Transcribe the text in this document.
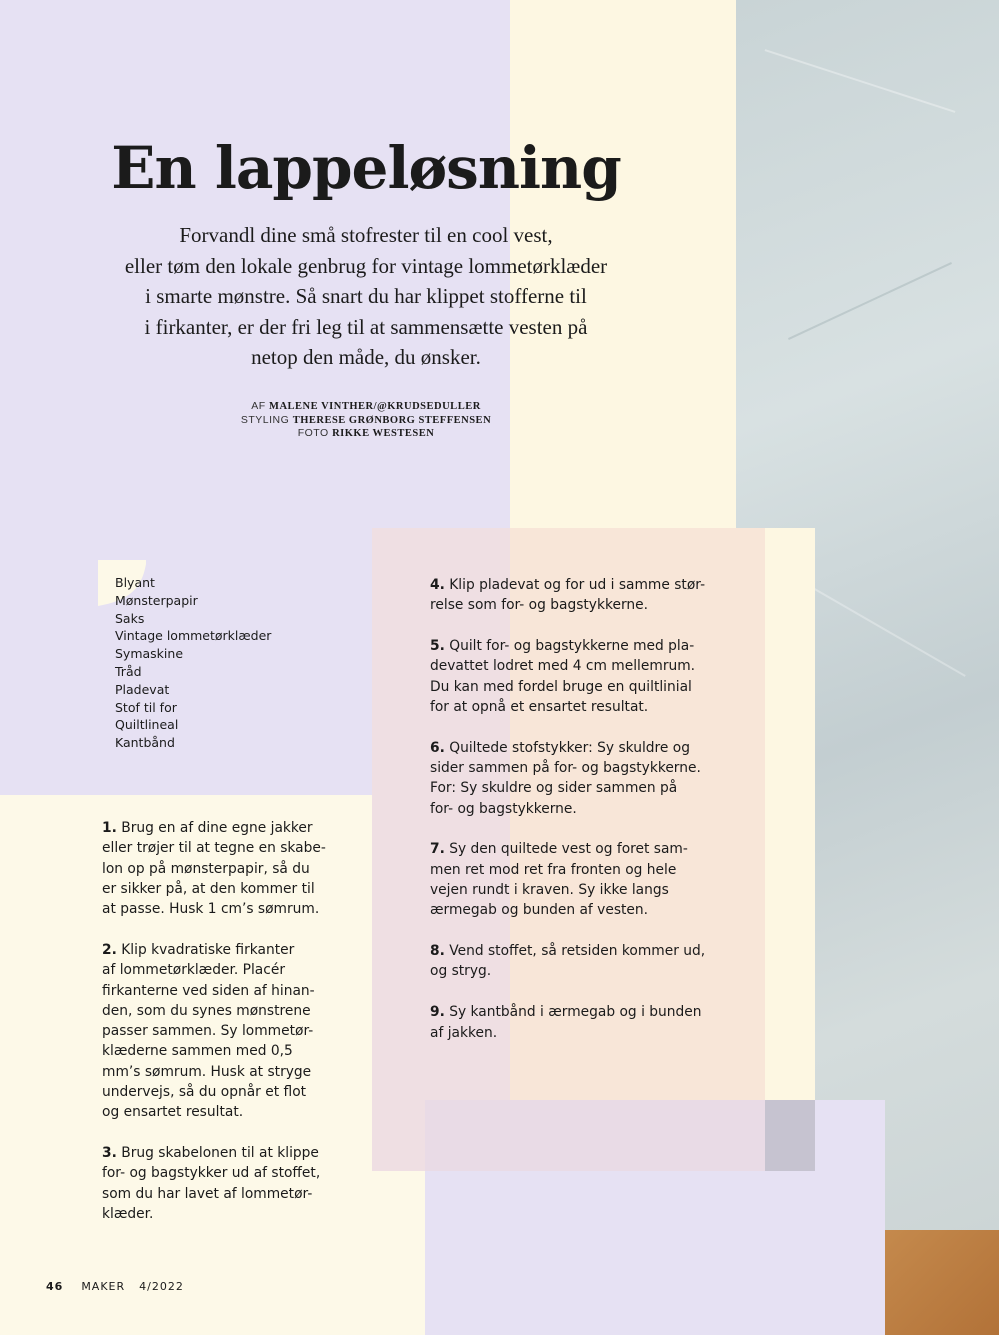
En lappeløsning

Forvandl dine små stofrester til en cool vest,

eller tøm den lokale genbrug for vintage lommetørklæder

i smarte mønstre. Så snart du har klippet stofferne til

i firkanter, er der fri leg til at sammensætte vesten på

netop den måde, du ønsker.

AF MALENE VINTHER/@KRUDSEDULLER
STYLING THERESE GRØNBORG STEFFENSEN
FOTO RIKKE WESTESEN
Blyant
Mønsterpapir
Saks
Vintage lommetørklæder
Symaskine
Tråd
Pladevat
Stof til for
Quiltlineal
Kantbånd

1. Brug en af dine egne jakker
eller trøjer til at tegne en skabe-
lon op på mønsterpapir, så du
er sikker på, at den kommer til
at passe. Husk 1 cm’s sømrum.

2. Klip kvadratiske firkanter
af lommetørklæder. Placér
firkanterne ved siden af hinan-
den, som du synes mønstrene
passer sammen. Sy lommetør-
klæderne sammen med 0,5
mm’s sømrum. Husk at stryge
undervejs, så du opnår et flot
og ensartet resultat.

3. Brug skabelonen til at klippe
for- og bagstykker ud af stoffet,
som du har lavet af lommetør-
klæder.

4. Klip pladevat og for ud i samme stør-
relse som for- og bagstykkerne.

5. Quilt for- og bagstykkerne med pla-
devattet lodret med 4 cm mellemrum.
Du kan med fordel bruge en quiltlinial
for at opnå et ensartet resultat.

6. Quiltede stofstykker: Sy skuldre og
sider sammen på for- og bagstykkerne.
For: Sy skuldre og sider sammen på
for- og bagstykkerne.

7. Sy den quiltede vest og foret sam-
men ret mod ret fra fronten og hele
vejen rundt i kraven. Sy ikke langs
ærmegab og bunden af vesten.

8. Vend stoffet, så retsiden kommer ud,
og stryg.

9. Sy kantbånd i ærmegab og i bunden
af jakken.

46 MAKER 4/2022
